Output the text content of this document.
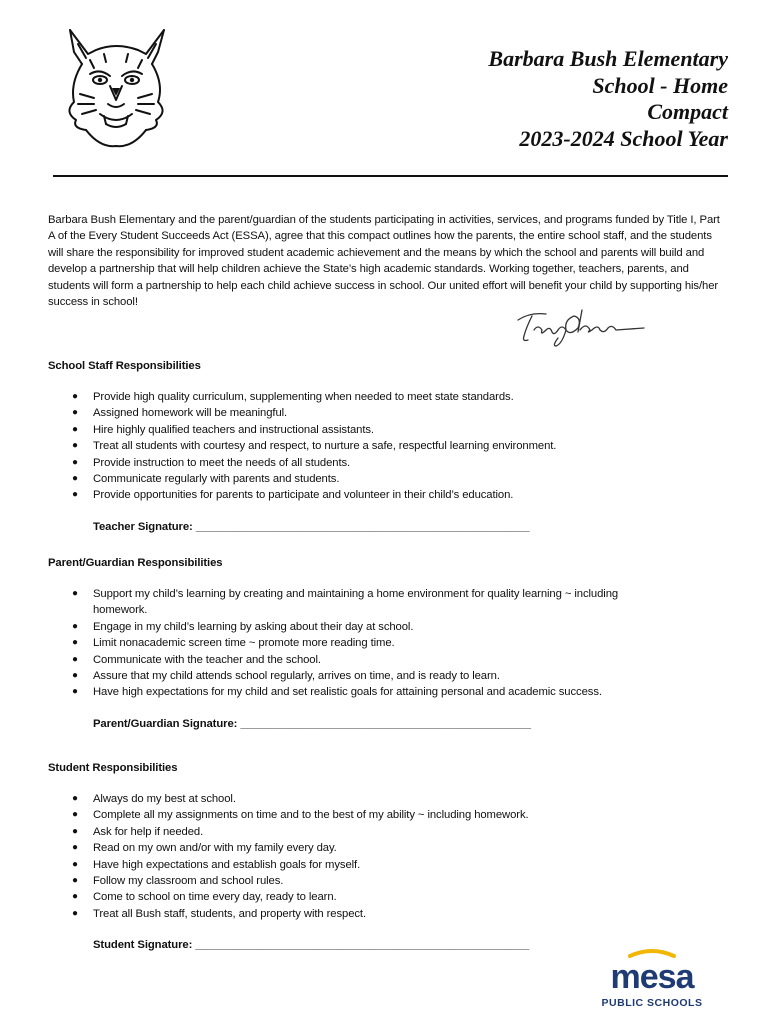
Barbara Bush Elementary
School - Home
Compact
2023-2024 School Year

Barbara Bush Elementary and the parent/guardian of the students participating in activities, services, and programs funded by Title I, Part A of the Every Student Succeeds Act (ESSA), agree that this compact outlines how the parents, the entire school staff, and the students will share the responsibility for improved student academic achievement and the means by which the school and parents will build and develop a partnership that will help children achieve the State’s high academic standards. Working together, teachers, parents, and students will form a partnership to help each child achieve success in school. Our united effort will benefit your child by supporting his/her success in school!

School Staff Responsibilities

● Provide high quality curriculum, supplementing when needed to meet state standards.
● Assigned homework will be meaningful.
● Hire highly qualified teachers and instructional assistants.
● Treat all students with courtesy and respect, to nurture a safe, respectful learning environment.
● Provide instruction to meet the needs of all students.
● Communicate regularly with parents and students.
● Provide opportunities for parents to participate and volunteer in their child’s education.

Teacher Signature: ______________________________________________________

Parent/Guardian Responsibilities

● Support my child’s learning by creating and maintaining a home environment for quality learning ~ including homework.
● Engage in my child’s learning by asking about their day at school.
● Limit nonacademic screen time ~ promote more reading time.
● Communicate with the teacher and the school.
● Assure that my child attends school regularly, arrives on time, and is ready to learn.
● Have high expectations for my child and set realistic goals for attaining personal and academic success.

Parent/Guardian Signature: _______________________________________________

Student Responsibilities

● Always do my best at school.
● Complete all my assignments on time and to the best of my ability ~ including homework.
● Ask for help if needed.
● Read on my own and/or with my family every day.
● Have high expectations and establish goals for myself.
● Follow my classroom and school rules.
● Come to school on time every day, ready to learn.
● Treat all Bush staff, students, and property with respect.

Student Signature: ______________________________________________________

mesa
PUBLIC SCHOOLS
